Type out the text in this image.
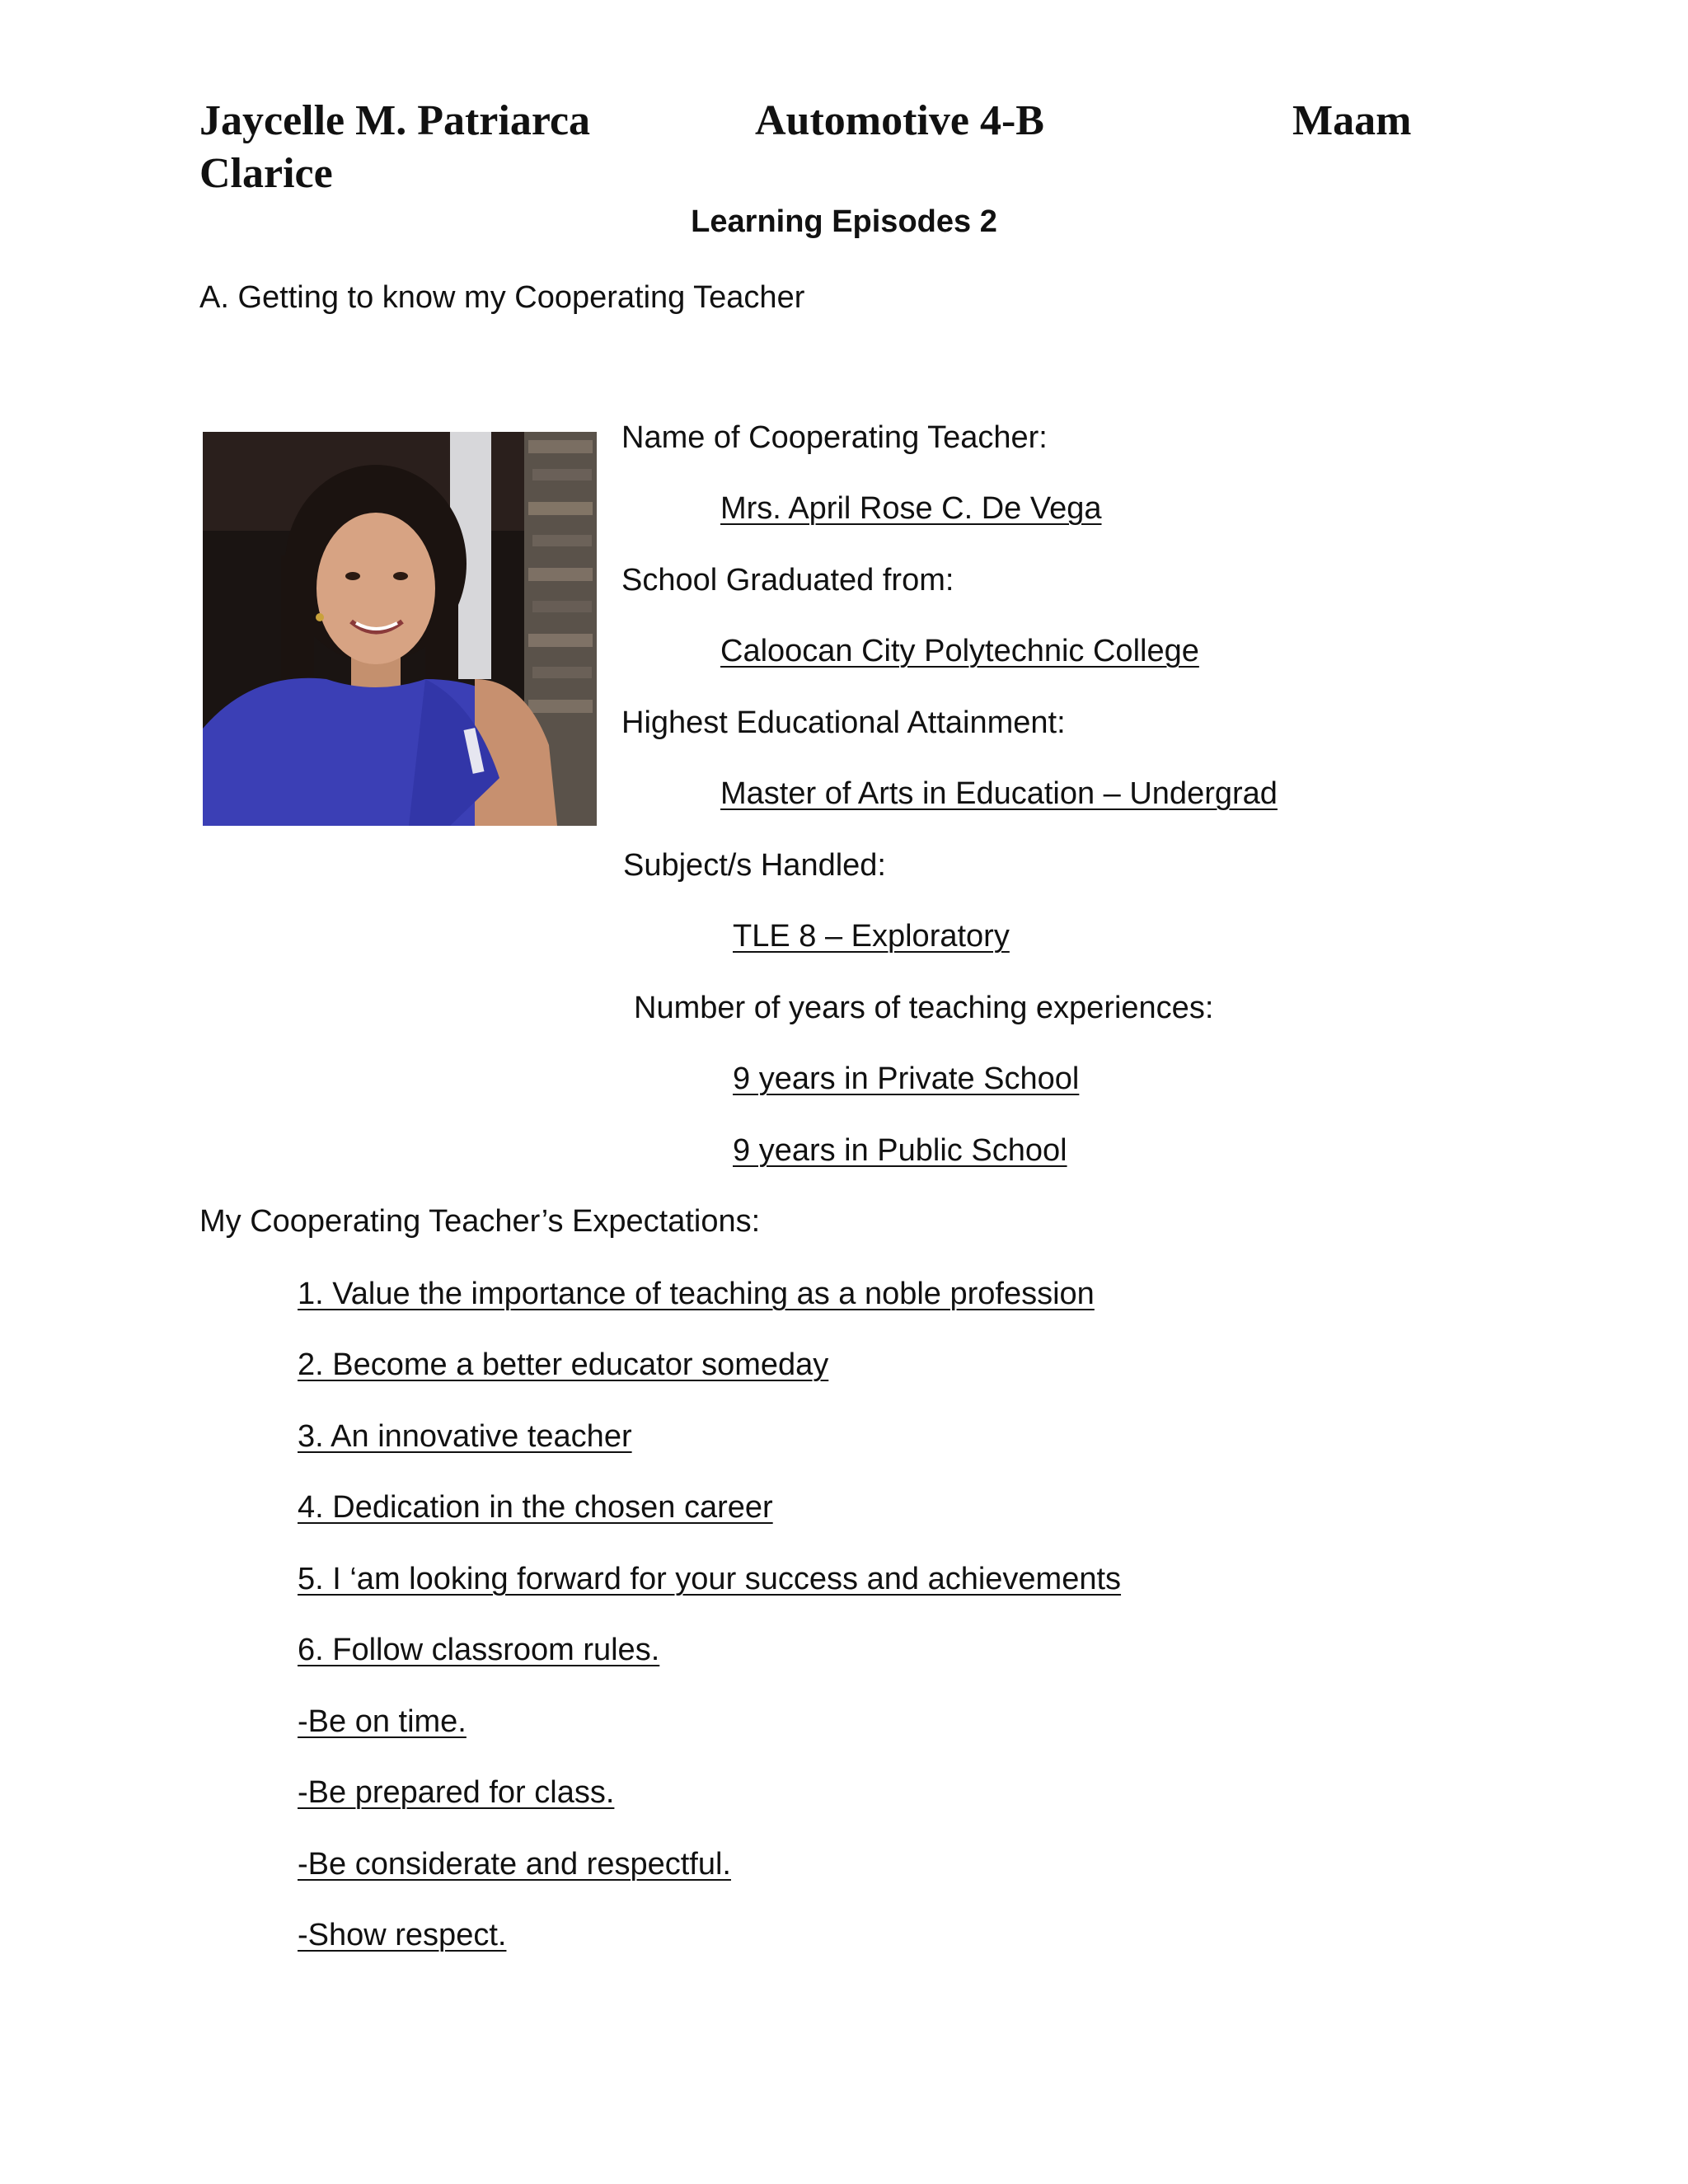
Jaycelle M. Patriarca	Automotive 4-B	Maam
Clarice
Learning Episodes 2
A. Getting to know my Cooperating Teacher
Name of Cooperating Teacher:
Mrs. April Rose C. De Vega
School Graduated from:
Caloocan City Polytechnic College
Highest Educational Attainment:
Master of Arts in Education – Undergrad
Subject/s Handled:
TLE 8 – Exploratory
Number of years of teaching experiences:
9 years in Private School
9 years in Public School
My Cooperating Teacher’s Expectations:
1. Value the importance of teaching as a noble profession
2. Become a better educator someday
3. An innovative teacher
4. Dedication in the chosen career
5. I ‘am looking forward for your success and achievements
6. Follow classroom rules.
-Be on time.
-Be prepared for class.
-Be considerate and respectful.
-Show respect.
